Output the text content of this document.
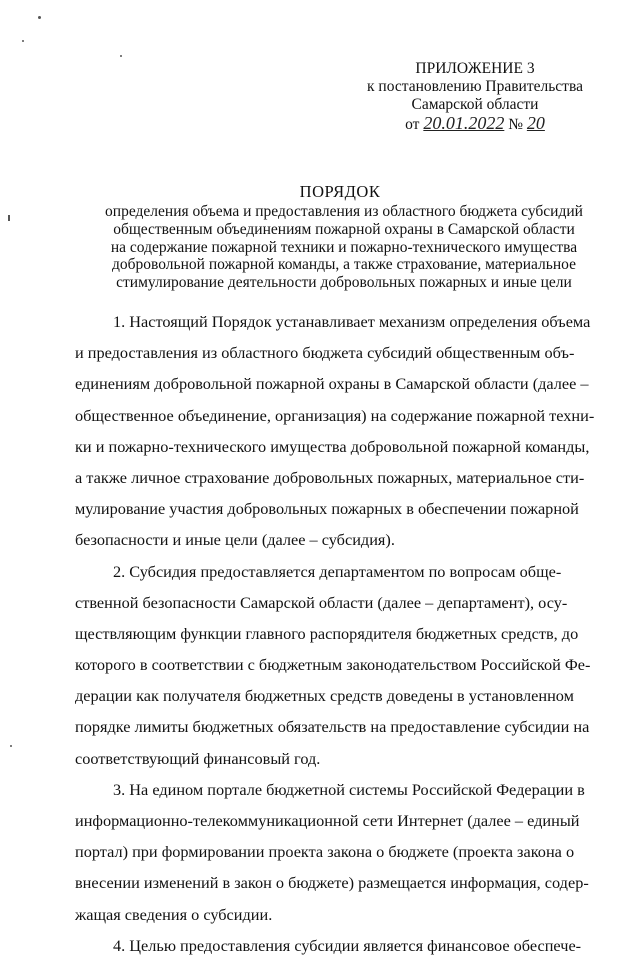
ПРИЛОЖЕНИЕ 3
к постановлению Правительства
Самарской области
от 20.01.2022 № 20
ПОРЯДОК
определения объема и предоставления из областного бюджета субсидий
общественным объединениям пожарной охраны в Самарской области
на содержание пожарной техники и пожарно-технического имущества
добровольной пожарной команды, а также страхование, материальное
стимулирование деятельности добровольных пожарных и иные цели
1. Настоящий Порядок устанавливает механизм определения объема
и предоставления из областного бюджета субсидий общественным объ-
единениям добровольной пожарной охраны в Самарской области (далее –
общественное объединение, организация) на содержание пожарной техни-
ки и пожарно-технического имущества добровольной пожарной команды,
а также личное страхование добровольных пожарных, материальное сти-
мулирование участия добровольных пожарных в обеспечении пожарной
безопасности и иные цели (далее – субсидия).
2. Субсидия предоставляется департаментом по вопросам обще-
ственной безопасности Самарской области (далее – департамент), осу-
ществляющим функции главного распорядителя бюджетных средств, до
которого в соответствии с бюджетным законодательством Российской Фе-
дерации как получателя бюджетных средств доведены в установленном
порядке лимиты бюджетных обязательств на предоставление субсидии на
соответствующий финансовый год.
3. На едином портале бюджетной системы Российской Федерации в
информационно-телекоммуникационной сети Интернет (далее – единый
портал) при формировании проекта закона о бюджете (проекта закона о
внесении изменений в закон о бюджете) размещается информация, содер-
жащая сведения о субсидии.
4. Целью предоставления субсидии является финансовое обеспече-
